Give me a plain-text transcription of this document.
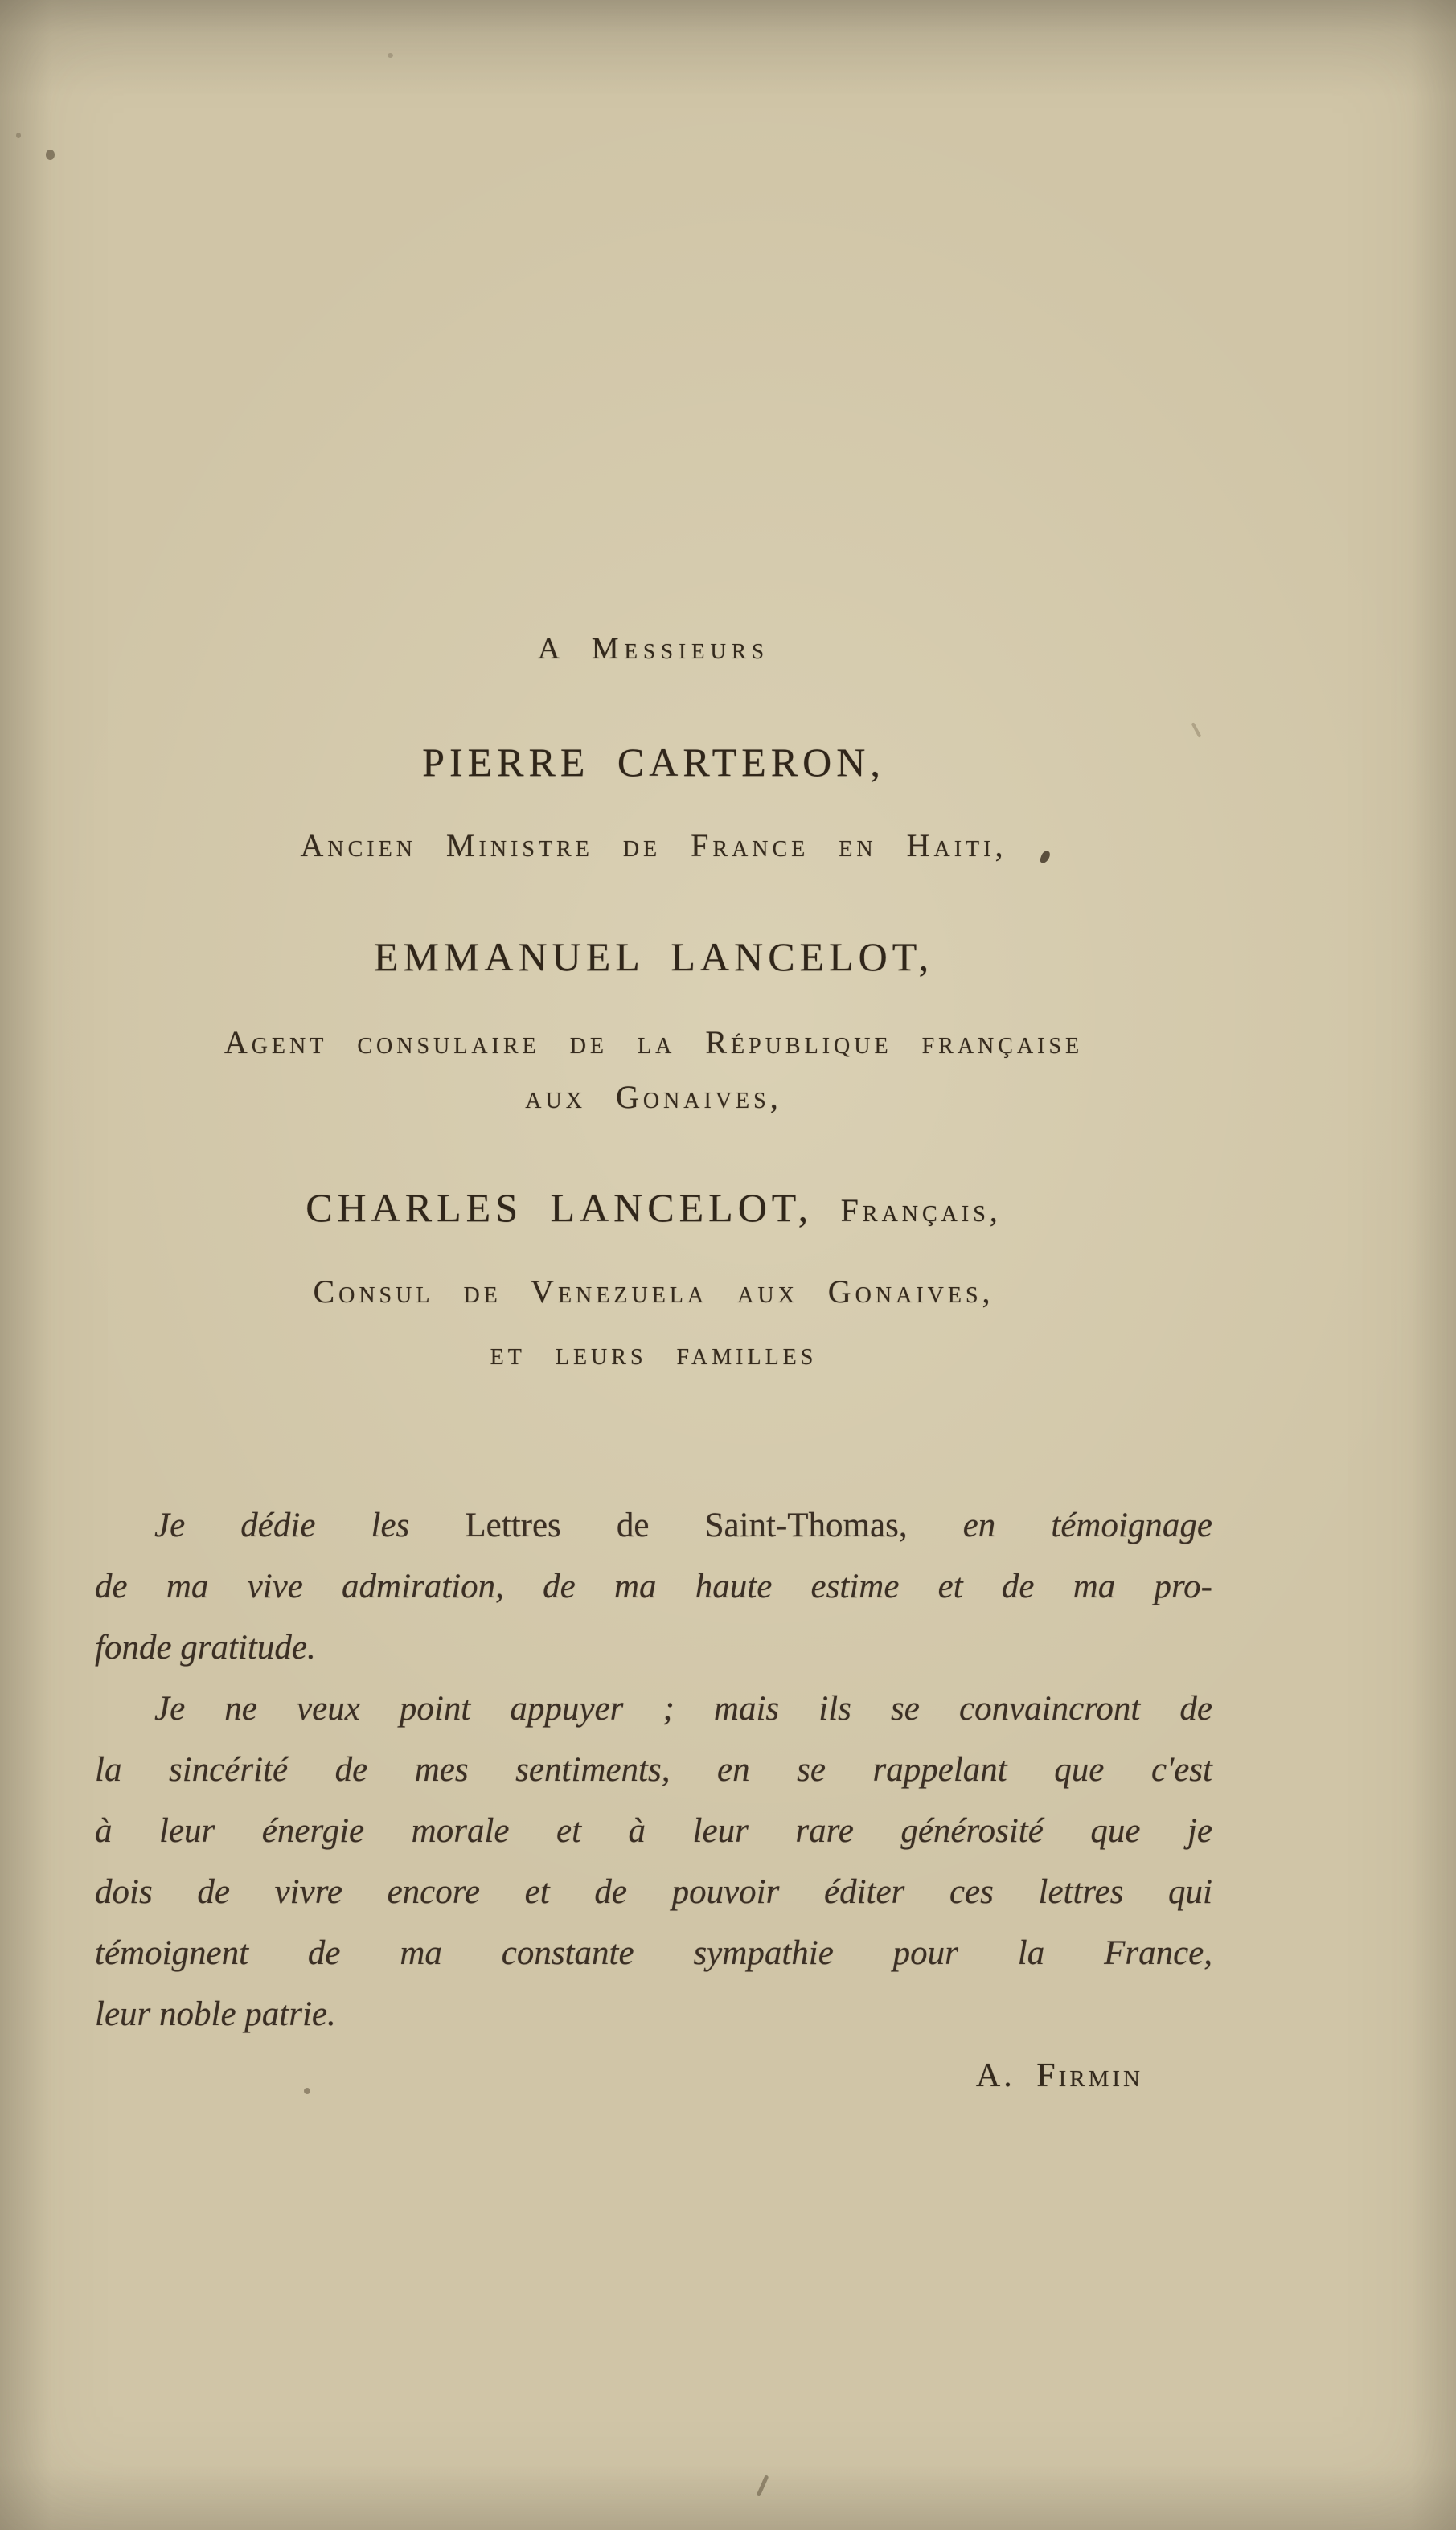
A Messieurs
PIERRE CARTERON,
Ancien Ministre de France en Haiti,
EMMANUEL LANCELOT,
Agent consulaire de la République française
aux Gonaives,
CHARLES LANCELOT, Français,
Consul de Venezuela aux Gonaives,
et leurs familles

Je dédie les Lettres de Saint-Thomas, en témoignage
de ma vive admiration, de ma haute estime et de ma pro-
fonde gratitude.

Je ne veux point appuyer ; mais ils se convaincront de
la sincérité de mes sentiments, en se rappelant que c'est
à leur énergie morale et à leur rare générosité que je
dois de vivre encore et de pouvoir éditer ces lettres qui
témoignent de ma constante sympathie pour la France,
leur noble patrie.

A. Firmin
